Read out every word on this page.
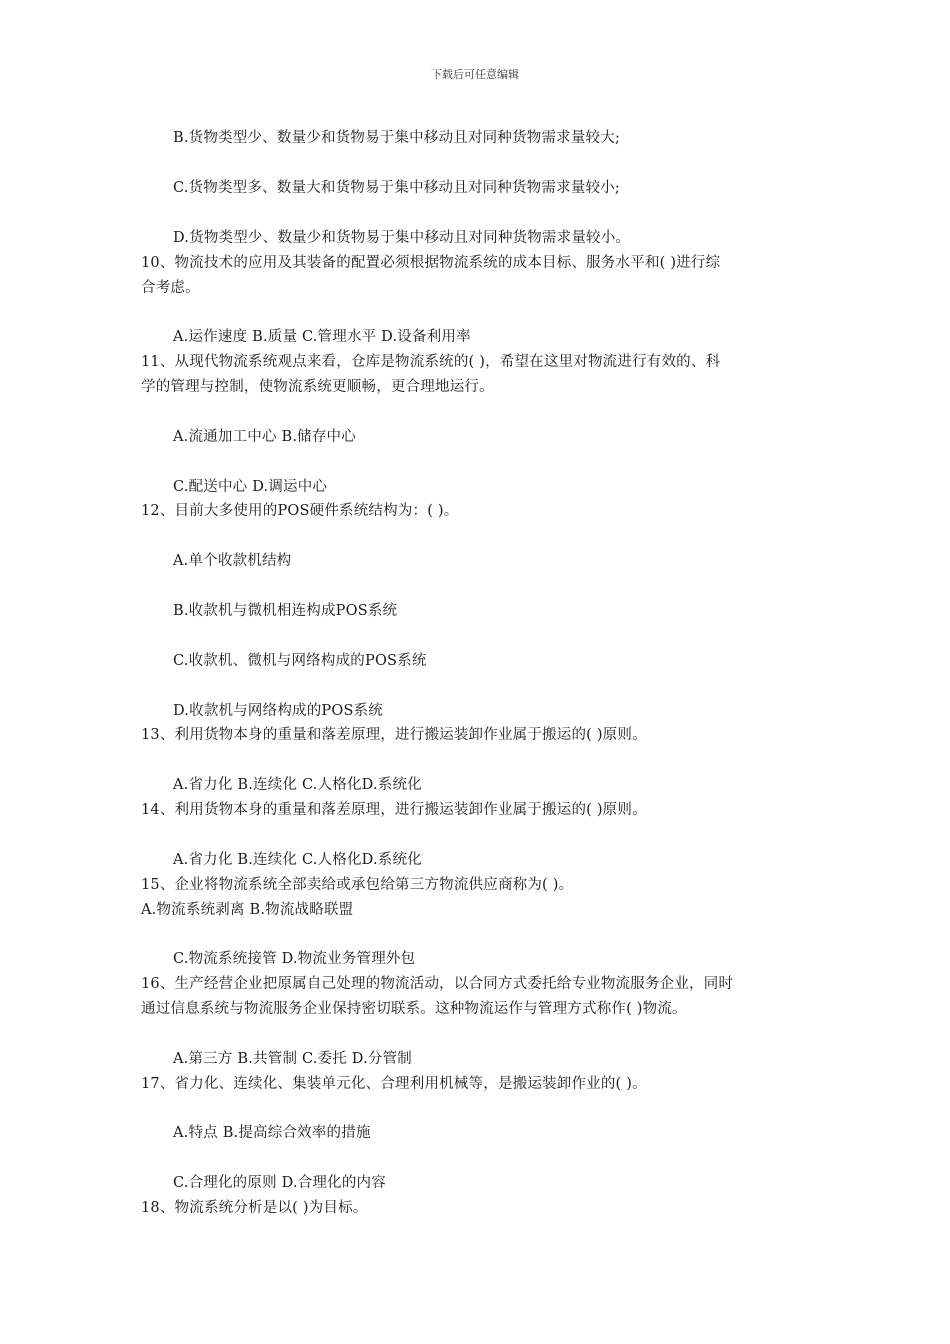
下载后可任意编辑
B.货物类型少、数量少和货物易于集中移动且对同种货物需求量较大;
C.货物类型多、数量大和货物易于集中移动且对同种货物需求量较小;
D.货物类型少、数量少和货物易于集中移动且对同种货物需求量较小。
10、物流技术的应用及其装备的配置必须根据物流系统的成本目标、服务水平和( )进行综
合考虑。
A.运作速度 B.质量 C.管理水平 D.设备利用率
11、从现代物流系统观点来看，仓库是物流系统的( )，希望在这里对物流进行有效的、科
学的管理与控制，使物流系统更顺畅，更合理地运行。
A.流通加工中心 B.储存中心
C.配送中心 D.调运中心
12、目前大多使用的POS硬件系统结构为：( )。
A.单个收款机结构
B.收款机与微机相连构成POS系统
C.收款机、微机与网络构成的POS系统
D.收款机与网络构成的POS系统
13、利用货物本身的重量和落差原理，进行搬运装卸作业属于搬运的( )原则。
A.省力化 B.连续化 C.人格化D.系统化
14、利用货物本身的重量和落差原理，进行搬运装卸作业属于搬运的( )原则。
A.省力化 B.连续化 C.人格化D.系统化
15、企业将物流系统全部卖给或承包给第三方物流供应商称为( )。
A.物流系统剥离 B.物流战略联盟
C.物流系统接管 D.物流业务管理外包
16、生产经营企业把原属自己处理的物流活动，以合同方式委托给专业物流服务企业，同时
通过信息系统与物流服务企业保持密切联系。这种物流运作与管理方式称作( )物流。
A.第三方 B.共管制 C.委托 D.分管制
17、省力化、连续化、集装单元化、合理利用机械等，是搬运装卸作业的( )。
A.特点 B.提高综合效率的措施
C.合理化的原则 D.合理化的内容
18、物流系统分析是以( )为目标。
